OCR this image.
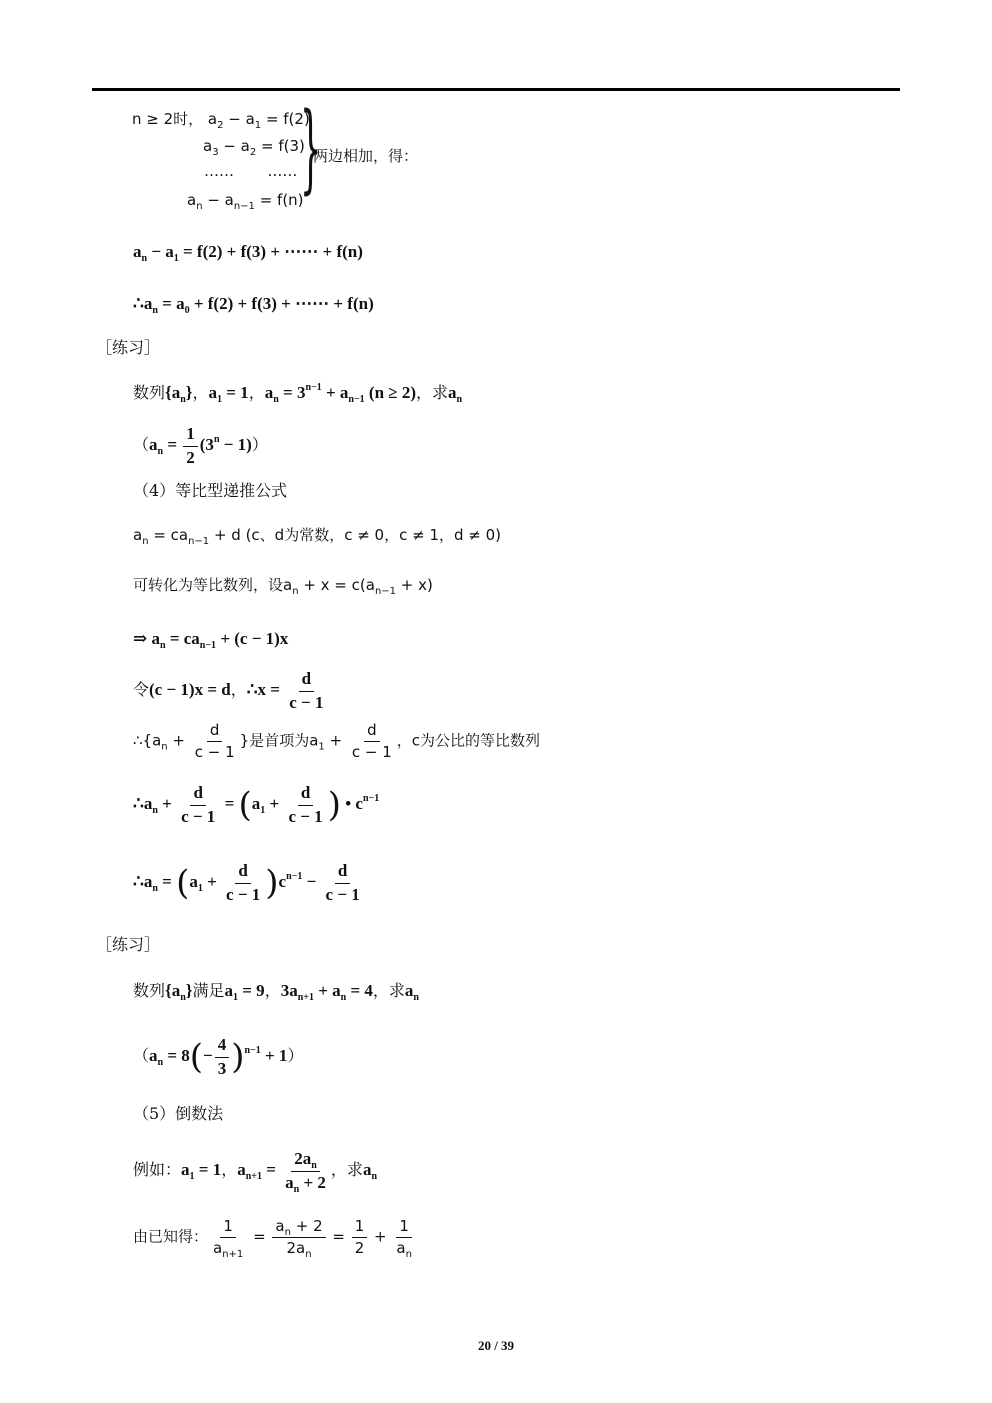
n ≥ 2时， $a_2 - a_1 = f(2)$
$a_3 - a_2 = f(3)$
……       ……
$a_n - a_{n-1} = f(n)$
}
两边相加，得：
$a_n - a_1 = f(2) + f(3)$ + ⋯⋯ + f(n)
$\therefore a_n = a_0 + f(2) + f(3)$ + ⋯⋯ + f(n)
［练习］
数列$\{a_n\}$，$a_1 = 1$，$a_n = 3^{n-1} + a_{n-1}$ (n ≥ 2)，求$a_n$
$(a_n = \frac{1}{2} (3^n - 1))$
（4）等比型递推公式
$a_n = ca_{n-1} + d$ (c、d为常数，c ≠ 0，c ≠ 1，d ≠ 0)
可转化为等比数列，设$a_n + x = c(a_{n-1} + x)$
⇒ $a_n = ca_{n-1} + (c - 1)x$
令(c − 1)x = d，∴x = $\frac{d}{c - 1}$
$\therefore\{a_n + \frac{d}{c - 1}$ }是首项为$a_1 + \frac{d}{c - 1}$ ，c为公比的等比数列
$\therefore a_n + \frac{d}{c - 1} = (a_1 + \frac{d}{c - 1}$ ) • $c^{n-1}$
$\therefore a_n = (a_1 + \frac{d}{c - 1} )c^{n-1} - \frac{d}{c - 1}$
［练习］
数列$\{a_n\}$满足$a_1 = 9$，$3a_{n+1} + a_n = 4$，求$a_n$
$(a_n = 8(- \frac{4}{3} )^{n-1} + 1)$
（5）倒数法
例如：$a_1 = 1$，$a_{n+1} = \frac{2a_n}{a_n + 2}$ ，求$a_n$
由已知得： $\frac{1}{a_{n+1}} = \frac{a_n + 2}{2a_n} = \frac{1}{2} + \frac{1}{a_n}$
20 / 39
